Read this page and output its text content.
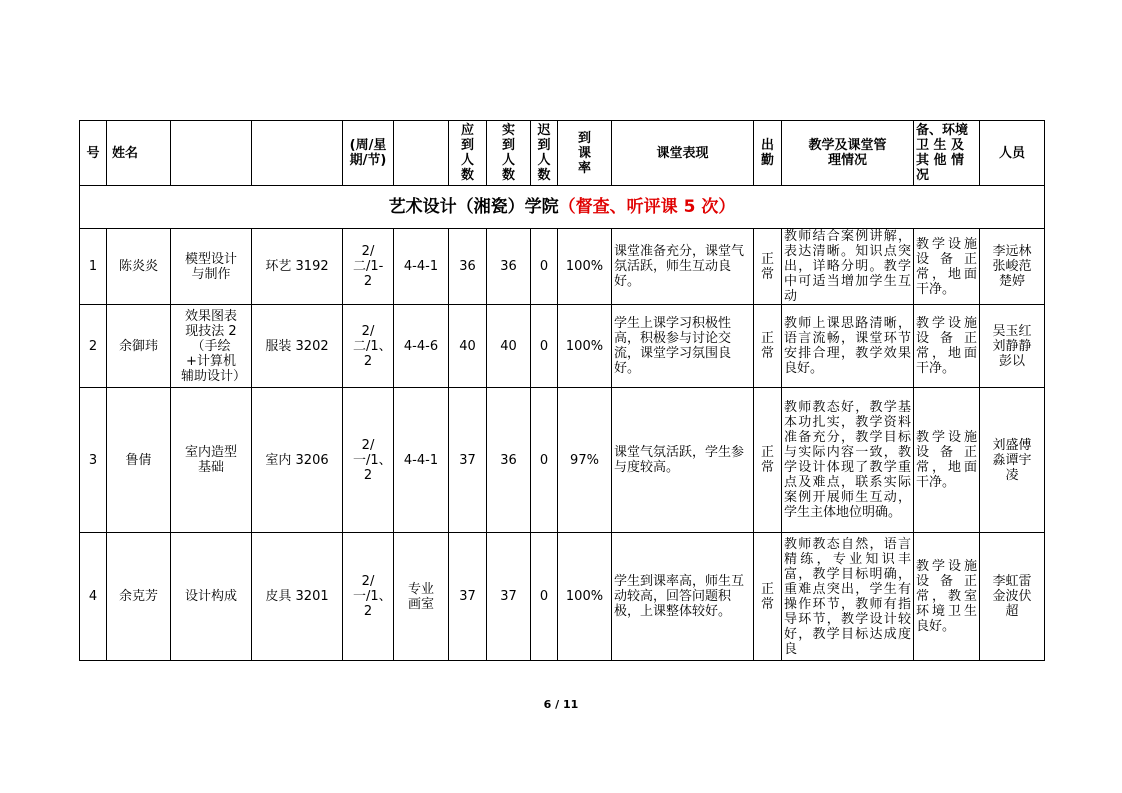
号	姓名			(周/星期/节)		应
到
人
数	实
到
人
数	迟
到
人
数	到
课
率	课堂表现	出
勤	教学及课堂管理情况	备、环境卫 生 及其 他 情况	人员
艺术设计（湘瓷）学院（督查、听评课 5 次）														
1	陈炎炎	模型设计与制作	环艺 3192	2/二/1-2	4-4-1	36	36	0	100%	课堂准备充分，课堂气氛活跃，师生互动良好。	正常	教师结合案例讲解，表达清晰。知识点突出，详略分明。教学中可适当增加学生互动	教学设施设备正常，地面干净。	李远林张峻范楚婷

2	余御玮	效果图表现技法 2（手绘+计算机辅助设计）	服装 3202	2/二/1、2	4-4-6	40	40	0	100%	学生上课学习积极性高，积极参与讨论交流，课堂学习氛围良好。	正常	教师上课思路清晰，语言流畅，课堂环节安排合理，教学效果良好。	教学设施设备正常，地面干净。	吴玉红刘静静彭以

3	鲁倩	室内造型基础	室内 3206	2/一/1、2	4-4-1	37	36	0	97%	课堂气氛活跃，学生参与度较高。	正常	教师教态好，教学基本功扎实，教学资料准备充分，教学目标与实际内容一致，教学设计体现了教学重点及难点，联系实际案例开展师生互动，学生主体地位明确。	教学设施设备正常，地面干净。	刘盛傅淼谭宇凌

4	余克芳	设计构成	皮具 3201	2/一/1、2	专业画室	37	37	0	100%	学生到课率高，师生互动较高，回答问题积极，上课整体较好。	正常	教师教态自然，语言精练，专业知识丰富，教学目标明确，重难点突出，学生有操作环节，教师有指导环节，教学设计较好，教学目标达成度良	教学设施设备正常，教室环境卫生良好。	李虹雷金波伏超
6 / 11
